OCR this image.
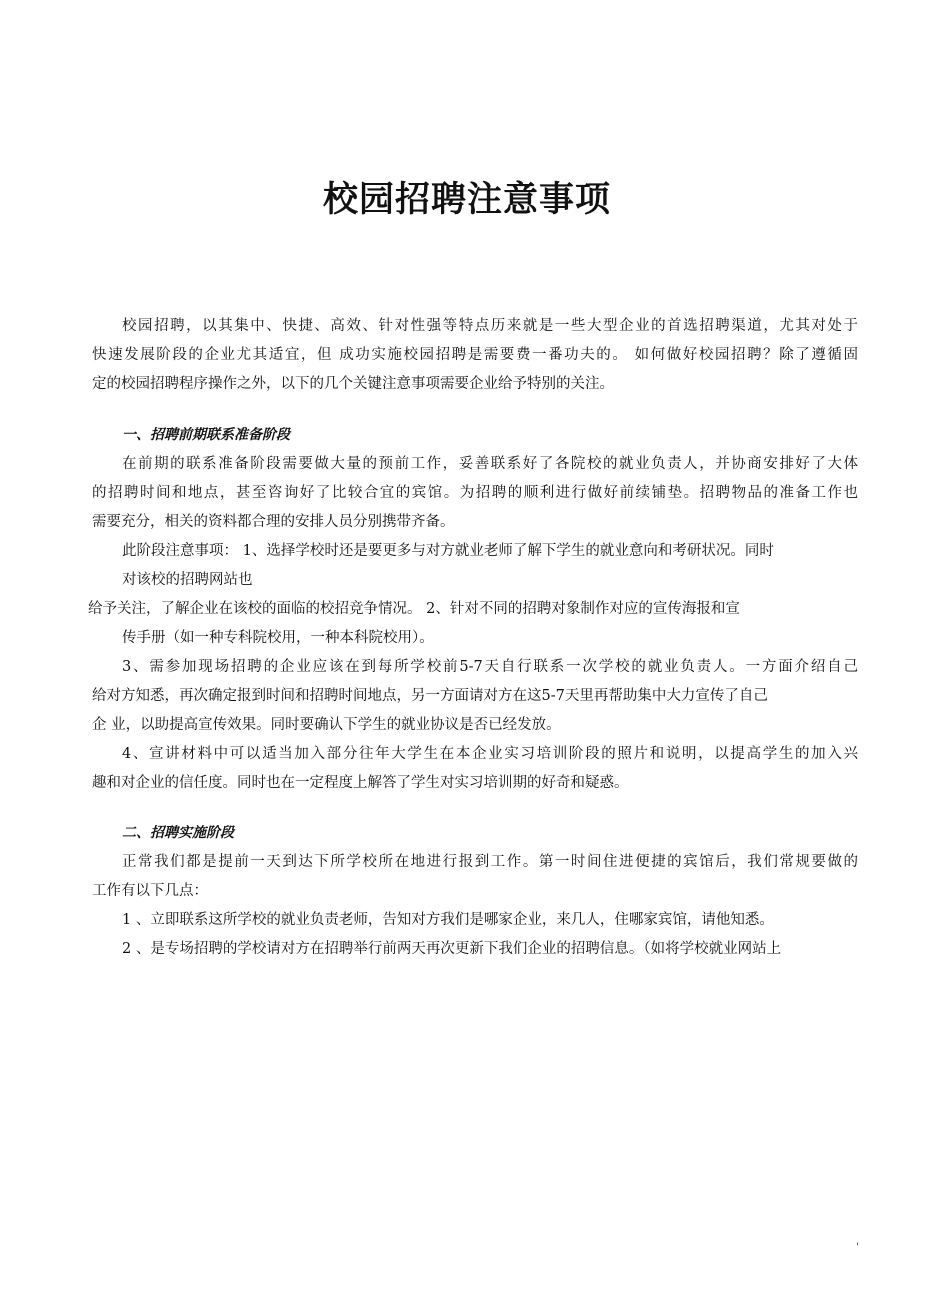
校园招聘注意事项
校园招聘，以其集中、快捷、高效、针对性强等特点历来就是一些大型企业的首选招聘渠道，尤其对处于
快速发展阶段的企业尤其适宜，但 成功实施校园招聘是需要费一番功夫的。 如何做好校园招聘？除了遵循固
定的校园招聘程序操作之外，以下的几个关键注意事项需要企业给予特别的关注。
一、招聘前期联系准备阶段
在前期的联系准备阶段需要做大量的预前工作，妥善联系好了各院校的就业负责人，并协商安排好了大体
的招聘时间和地点，甚至咨询好了比较合宜的宾馆。为招聘的顺利进行做好前续铺垫。招聘物品的准备工作也
需要充分，相关的资料都合理的安排人员分别携带齐备。
此阶段注意事项： 1、选择学校时还是要更多与对方就业老师了解下学生的就业意向和考研状况。同时
对该校的招聘网站也
给予关注，了解企业在该校的面临的校招竞争情况。 2、针对不同的招聘对象制作对应的宣传海报和宣
传手册（如一种专科院校用，一种本科院校用）。
3、需参加现场招聘的企业应该在到每所学校前5-7天自行联系一次学校的就业负责人。一方面介绍自己
给对方知悉，再次确定报到时间和招聘时间地点，另一方面请对方在这5-7天里再帮助集中大力宣传了自己
企 业，以助提高宣传效果。同时要确认下学生的就业协议是否已经发放。
4、宣讲材料中可以适当加入部分往年大学生在本企业实习培训阶段的照片和说明，以提高学生的加入兴
趣和对企业的信任度。同时也在一定程度上解答了学生对实习培训期的好奇和疑惑。
二、招聘实施阶段
正常我们都是提前一天到达下所学校所在地进行报到工作。第一时间住进便捷的宾馆后，我们常规要做的
工作有以下几点：
1 、立即联系这所学校的就业负责老师，告知对方我们是哪家企业，来几人，住哪家宾馆，请他知悉。
2 、是专场招聘的学校请对方在招聘举行前两天再次更新下我们企业的招聘信息。（如将学校就业网站上
'
